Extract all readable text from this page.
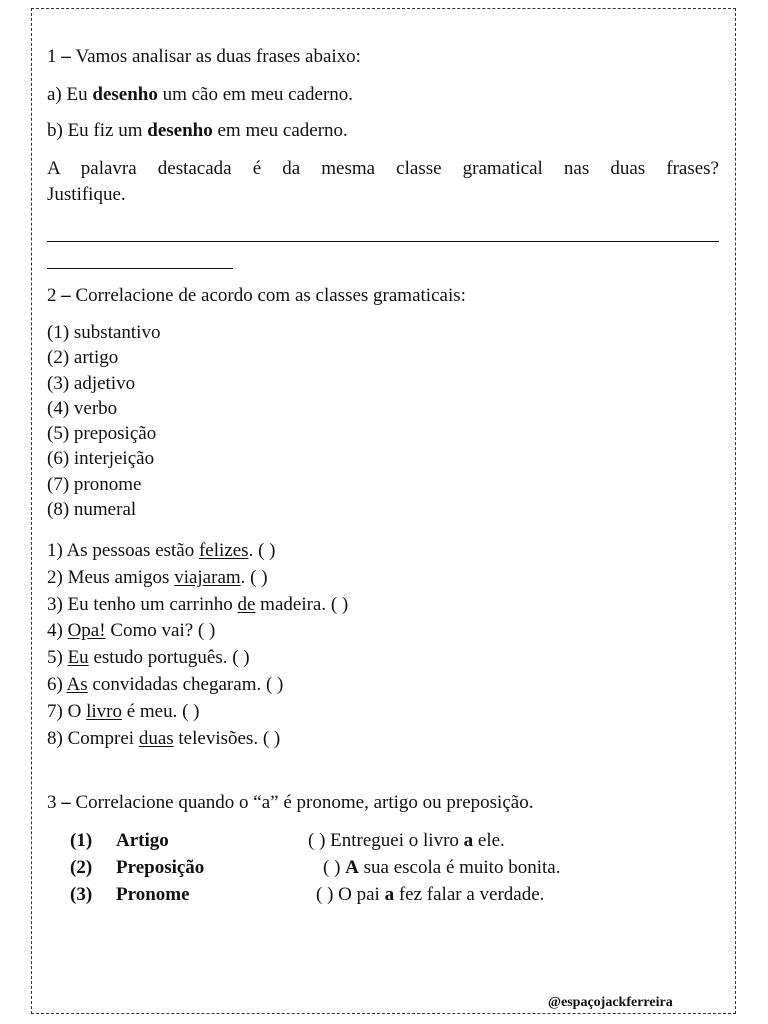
1 – Vamos analisar as duas frases abaixo:
a) Eu desenho um cão em meu caderno.
b) Eu fiz um desenho em meu caderno.
A palavra destacada é da mesma classe gramatical nas duas frases?
Justifique.
2 – Correlacione de acordo com as classes gramaticais:
(1) substantivo
(2) artigo
(3) adjetivo
(4) verbo
(5) preposição
(6) interjeição
(7) pronome
(8) numeral
1) As pessoas estão felizes. ( )
2) Meus amigos viajaram. ( )
3) Eu tenho um carrinho de madeira. ( )
4) Opa! Como vai? ( )
5) Eu estudo português. ( )
6) As convidadas chegaram. ( )
7) O livro é meu. ( )
8) Comprei duas televisões. ( )
3 – Correlacione quando o “a” é pronome, artigo ou preposição.
(1) Artigo	( ) Entreguei o livro a ele.
(2) Preposição	( ) A sua escola é muito bonita.
(3) Pronome	( ) O pai a fez falar a verdade.
@espaçojackferreira
